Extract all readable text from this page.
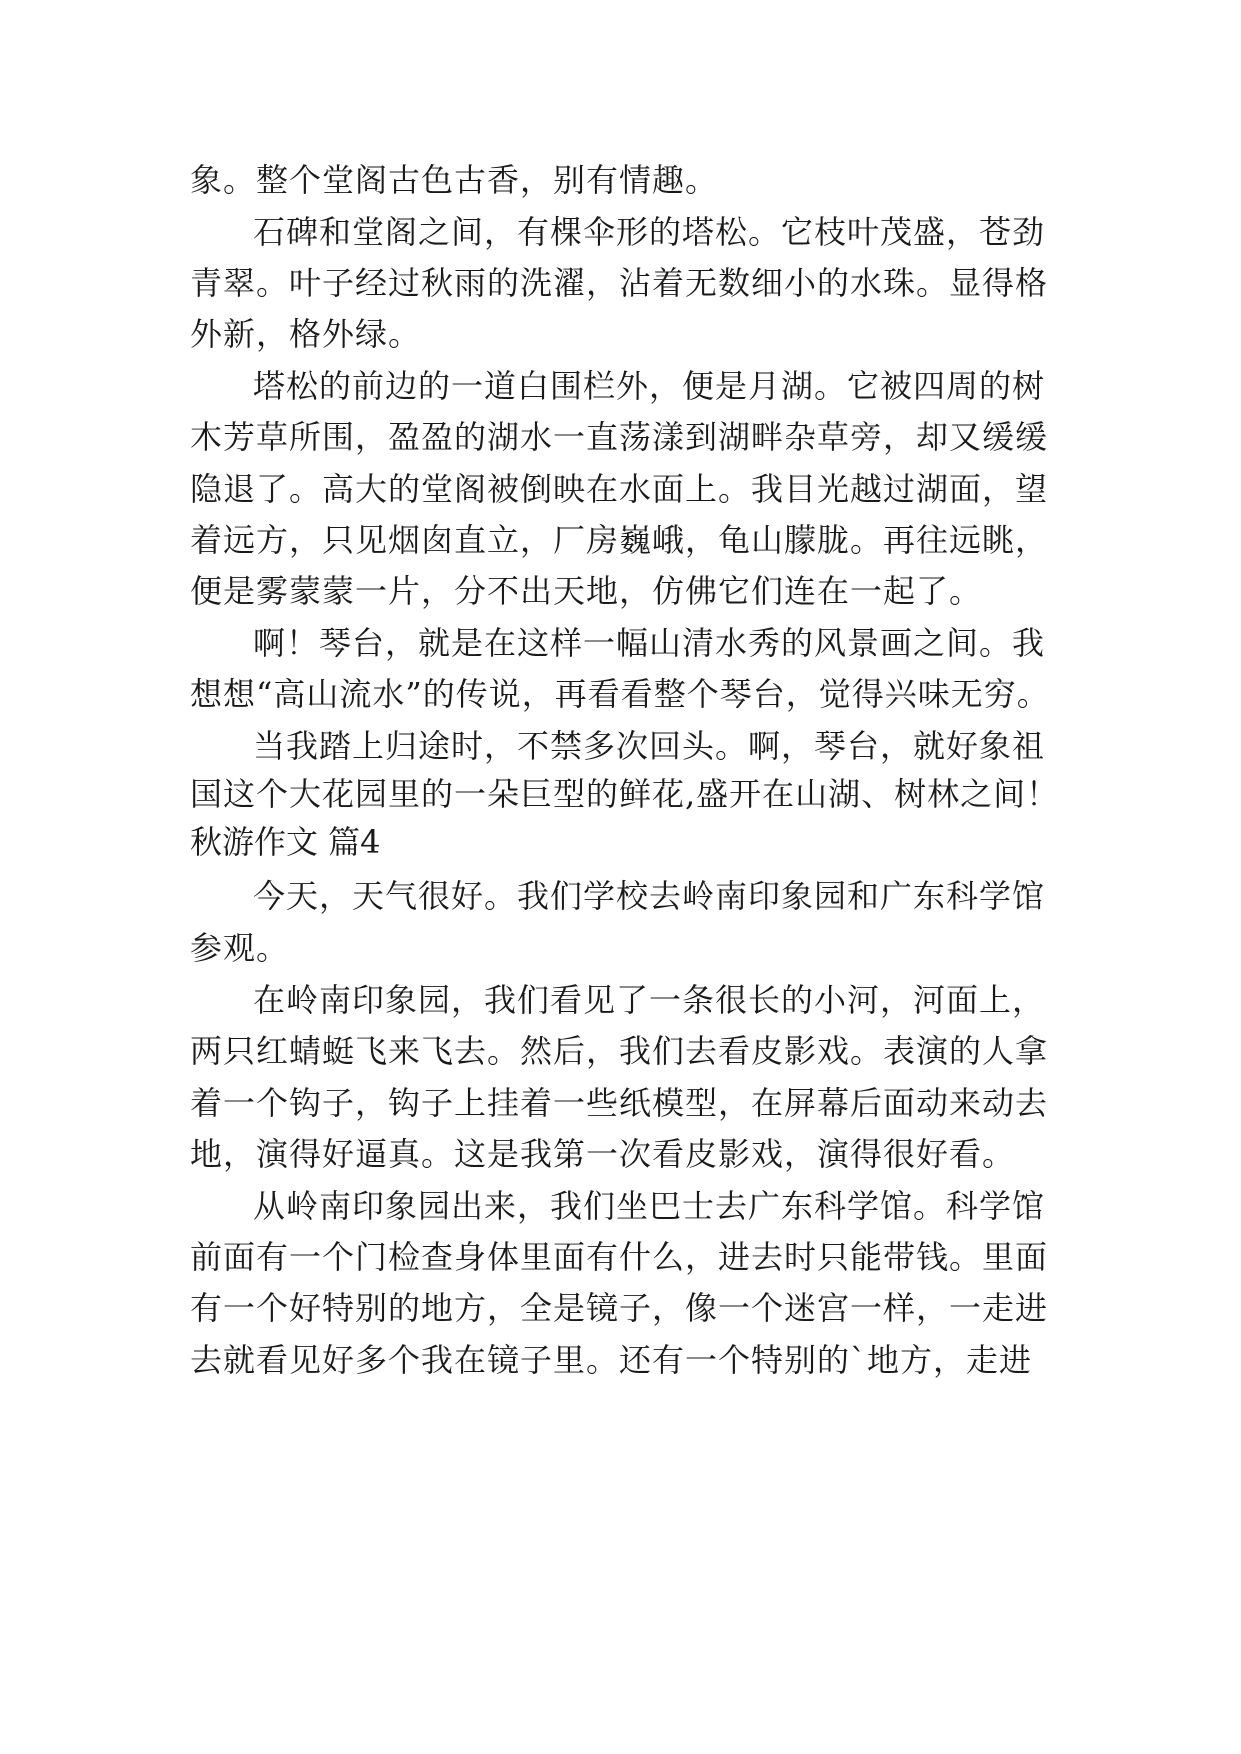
象。整个堂阁古色古香，别有情趣。
石碑和堂阁之间，有棵伞形的塔松。它枝叶茂盛，苍劲
青翠。叶子经过秋雨的洗濯，沾着无数细小的水珠。显得格
外新，格外绿。
塔松的前边的一道白围栏外，便是月湖。它被四周的树
木芳草所围，盈盈的湖水一直荡漾到湖畔杂草旁，却又缓缓
隐退了。高大的堂阁被倒映在水面上。我目光越过湖面，望
着远方，只见烟囱直立，厂房巍峨，龟山朦胧。再往远眺，
便是雾蒙蒙一片，分不出天地，仿佛它们连在一起了。
啊！琴台，就是在这样一幅山清水秀的风景画之间。我
想想“高山流水”的传说，再看看整个琴台，觉得兴味无穷。
当我踏上归途时，不禁多次回头。啊，琴台，就好象祖
国这个大花园里的一朵巨型的鲜花,盛开在山湖、树林之间！
秋游作文 篇4
今天，天气很好。我们学校去岭南印象园和广东科学馆
参观。
在岭南印象园，我们看见了一条很长的小河，河面上，
两只红蜻蜓飞来飞去。然后，我们去看皮影戏。表演的人拿
着一个钩子，钩子上挂着一些纸模型，在屏幕后面动来动去
地，演得好逼真。这是我第一次看皮影戏，演得很好看。
从岭南印象园出来，我们坐巴士去广东科学馆。科学馆
前面有一个门检查身体里面有什么，进去时只能带钱。里面
有一个好特别的地方，全是镜子，像一个迷宫一样，一走进
去就看见好多个我在镜子里。还有一个特别的`地方，走进
